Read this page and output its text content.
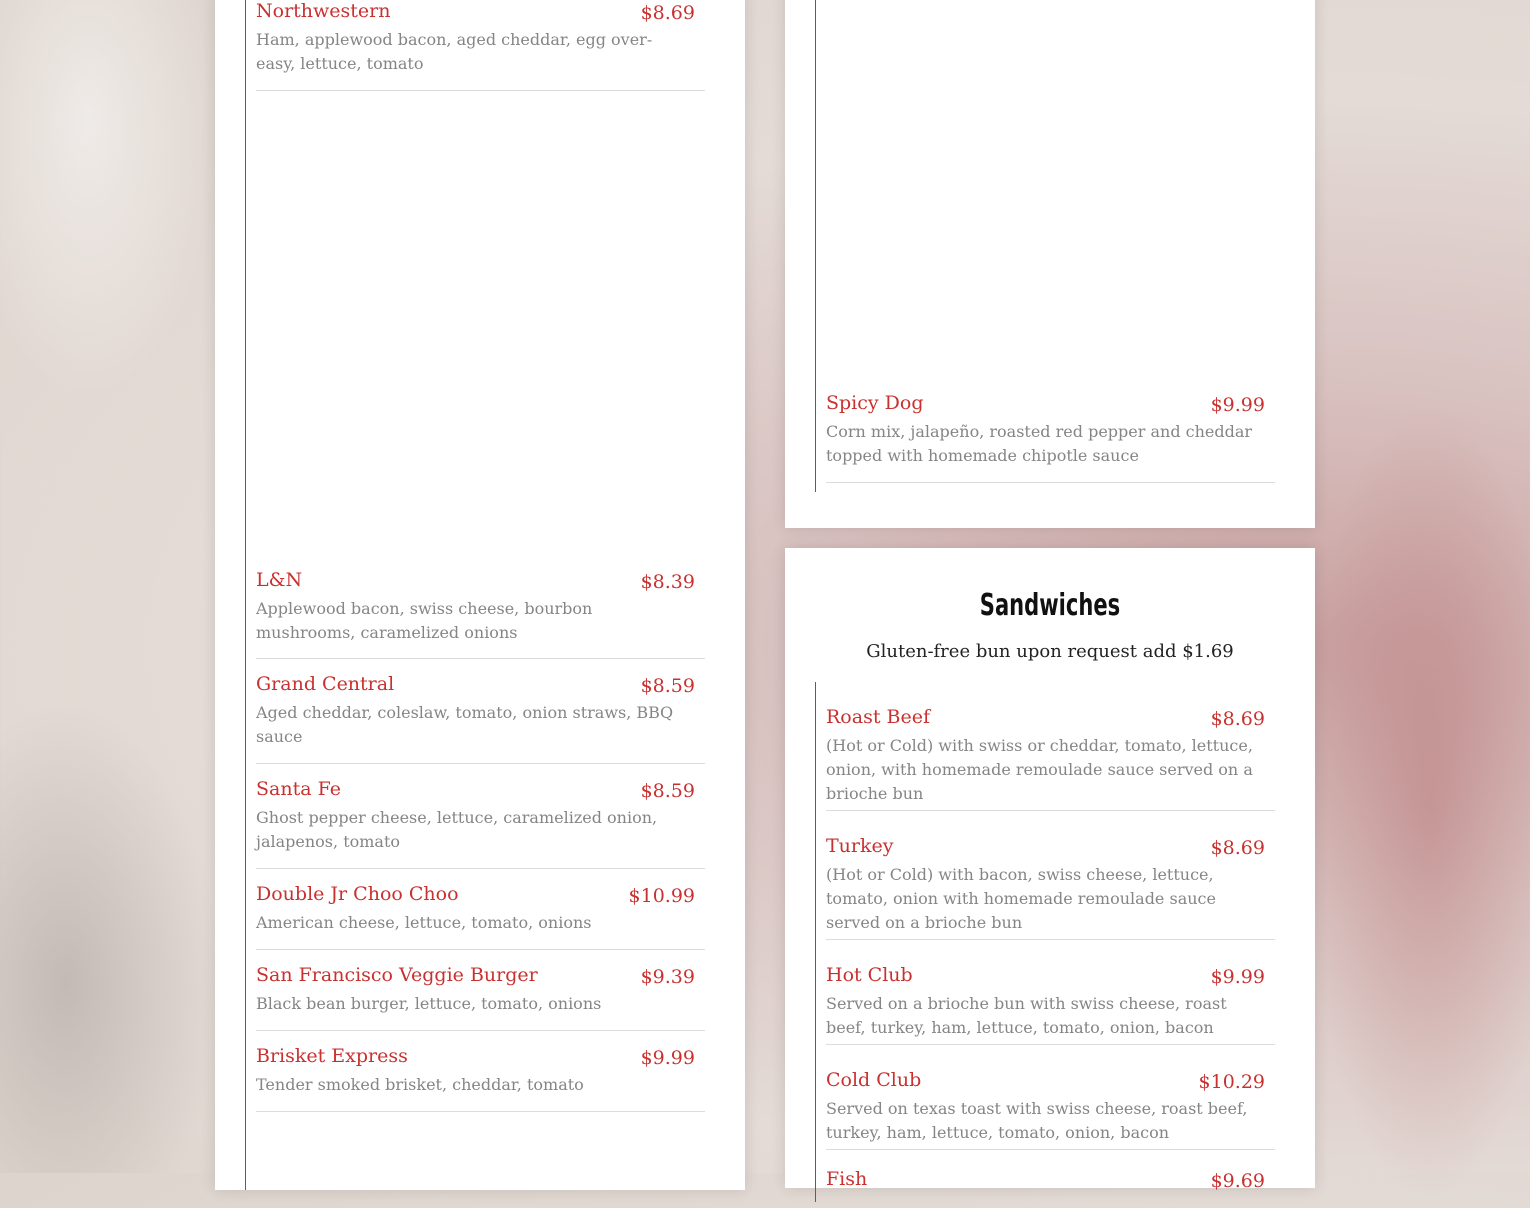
Northwestern	$8.69
Ham, applewood bacon, aged cheddar, egg over-easy, lettuce, tomato
L&N	$8.39
Applewood bacon, swiss cheese, bourbon mushrooms, caramelized onions
Grand Central	$8.59
Aged cheddar, coleslaw, tomato, onion straws, BBQ sauce
Santa Fe	$8.59
Ghost pepper cheese, lettuce, caramelized onion, jalapenos, tomato
Double Jr Choo Choo	$10.99
American cheese, lettuce, tomato, onions
San Francisco Veggie Burger	$9.39
Black bean burger, lettuce, tomato, onions
Brisket Express	$9.99
Tender smoked brisket, cheddar, tomato
Spicy Dog	$9.99
Corn mix, jalapeño, roasted red pepper and cheddar topped with homemade chipotle sauce
Sandwiches
Gluten-free bun upon request add $1.69
Roast Beef	$8.69
(Hot or Cold) with swiss or cheddar, tomato, lettuce, onion, with homemade remoulade sauce served on a brioche bun
Turkey	$8.69
(Hot or Cold) with bacon, swiss cheese, lettuce, tomato, onion with homemade remoulade sauce served on a brioche bun
Hot Club	$9.99
Served on a brioche bun with swiss cheese, roast beef, turkey, ham, lettuce, tomato, onion, bacon
Cold Club	$10.29
Served on texas toast with swiss cheese, roast beef, turkey, ham, lettuce, tomato, onion, bacon
Fish	$9.69
